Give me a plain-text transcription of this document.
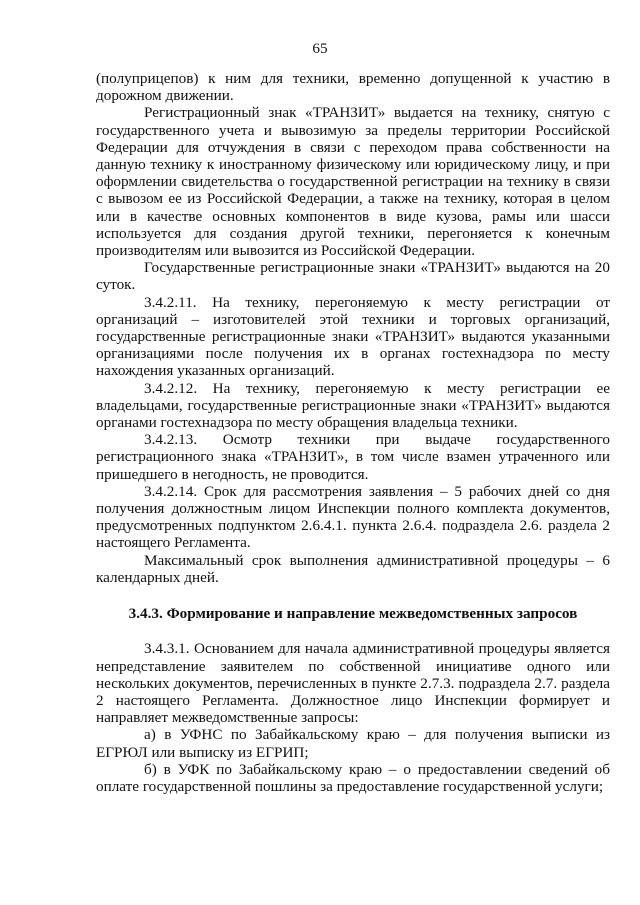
65

(полуприцепов) к ним для техники, временно допущенной к участию в дорожном движении.

Регистрационный знак «ТРАНЗИТ» выдается на технику, снятую с государственного учета и вывозимую за пределы территории Российской Федерации для отчуждения в связи с переходом права собственности на данную технику к иностранному физическому или юридическому лицу, и при оформлении свидетельства о государственной регистрации на технику в связи с вывозом ее из Российской Федерации, а также на технику, которая в целом или в качестве основных компонентов в виде кузова, рамы или шасси используется для создания другой техники, перегоняется к конечным производителям или вывозится из Российской Федерации.

Государственные регистрационные знаки «ТРАНЗИТ» выдаются на 20 суток.

3.4.2.11. На технику, перегоняемую к месту регистрации от организаций – изготовителей этой техники и торговых организаций, государственные регистрационные знаки «ТРАНЗИТ» выдаются указанными организациями после получения их в органах гостехнадзора по месту нахождения указанных организаций.

3.4.2.12. На технику, перегоняемую к месту регистрации ее владельцами, государственные регистрационные знаки «ТРАНЗИТ» выдаются органами гостехнадзора по месту обращения владельца техники.

3.4.2.13. Осмотр техники при выдаче государственного регистрационного знака «ТРАНЗИТ», в том числе взамен утраченного или пришедшего в негодность, не проводится.

3.4.2.14. Срок для рассмотрения заявления – 5 рабочих дней со дня получения должностным лицом Инспекции полного комплекта документов, предусмотренных подпунктом 2.6.4.1. пункта 2.6.4. подраздела 2.6. раздела 2 настоящего Регламента.

Максимальный срок выполнения административной процедуры – 6 календарных дней.

3.4.3. Формирование и направление межведомственных запросов

3.4.3.1. Основанием для начала административной процедуры является непредставление заявителем по собственной инициативе одного или нескольких документов, перечисленных в пункте 2.7.3. подраздела 2.7. раздела 2 настоящего Регламента. Должностное лицо Инспекции формирует и направляет межведомственные запросы:

а) в УФНС по Забайкальскому краю – для получения выписки из ЕГРЮЛ или выписку из ЕГРИП;

б) в УФК по Забайкальскому краю – о предоставлении сведений об оплате государственной пошлины за предоставление государственной услуги;
